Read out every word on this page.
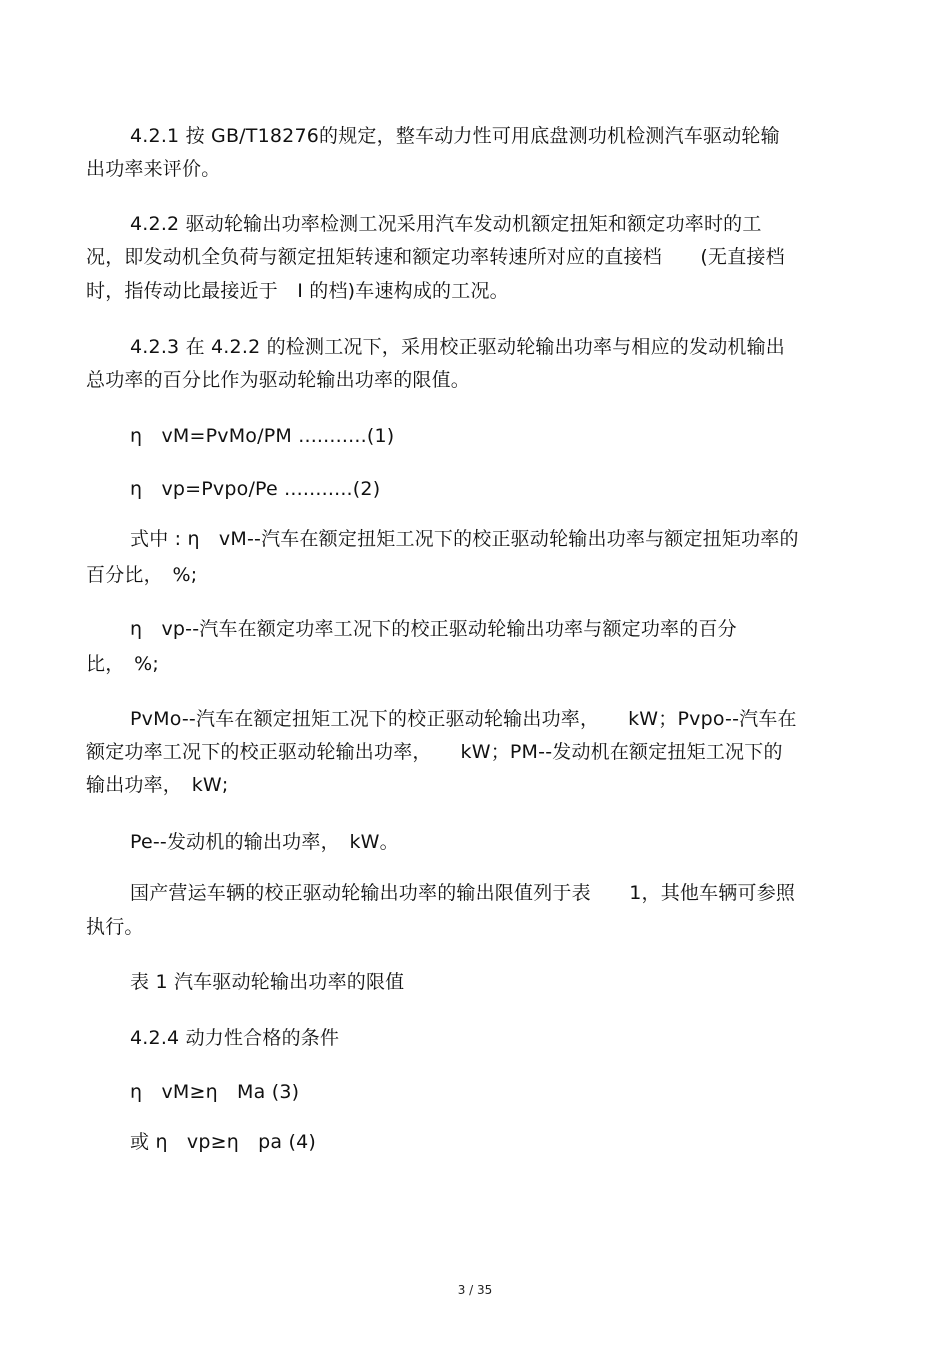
4.2.1 按 GB/T18276的规定，整车动力性可用底盘测功机检测汽车驱动轮输
出功率来评价。
4.2.2 驱动轮输出功率检测工况采用汽车发动机额定扭矩和额定功率时的工
况，即发动机全负荷与额定扭矩转速和额定功率转速所对应的直接档　　(无直接档
时，指传动比最接近于　Ⅰ 的档)车速构成的工况。
4.2.3 在 4.2.2 的检测工况下，采用校正驱动轮输出功率与相应的发动机输出
总功率的百分比作为驱动轮输出功率的限值。
η　vM=PvMo/PM ...........(1)
η　vp=Pvpo/Pe ...........(2)
式中 : η　vM--汽车在额定扭矩工况下的校正驱动轮输出功率与额定扭矩功率的
百分比，　%;
η　vp--汽车在额定功率工况下的校正驱动轮输出功率与额定功率的百分
比，　%;
PvMo--汽车在额定扭矩工况下的校正驱动轮输出功率，　　kW；Pvpo--汽车在
额定功率工况下的校正驱动轮输出功率，　　kW；PM--发动机在额定扭矩工况下的
输出功率，　kW;
Pe--发动机的输出功率，　kW。
国产营运车辆的校正驱动轮输出功率的输出限值列于表　　1，其他车辆可参照
执行。
表 1 汽车驱动轮输出功率的限值
4.2.4 动力性合格的条件
η　vM≥η　Ma (3)
或 η　vp≥η　pa (4)
3 / 35
